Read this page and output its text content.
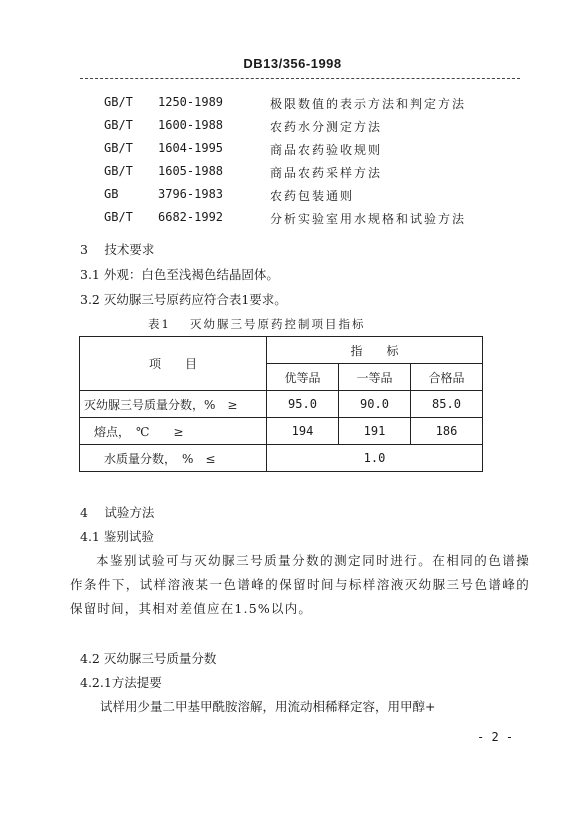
DB13/356-1998
GB/T 1250-1989	极限数值的表示方法和判定方法
GB/T 1600-1988	农药水分测定方法
GB/T 1604-1995	商品农药验收规则
GB/T 1605-1988	商品农药采样方法
GB	3796-1983	农药包装通则
GB/T 6682-1992	分析实验室用水规格和试验方法
3　 技术要求
3.1 外观：白色至浅褐色结晶固体。
3.2 灭幼脲三号原药应符合表1要求。
表1　 灭幼脲三号原药控制项目指标
项　　目	指　　标		
	优等品	一等品	合格品
灭幼脲三号质量分数，%　≥	95.0	90.0	85.0
熔点，　℃　　≥	194	191	186
水质量分数，　%　≤	1.0		
4　 试验方法
4.1 鉴别试验
本鉴别试验可与灭幼脲三号质量分数的测定同时进行。在相同的色谱操作条件下，试样溶液某一色谱峰的保留时间与标样溶液灭幼脲三号色谱峰的保留时间，其相对差值应在1.5%以内。
4.2 灭幼脲三号质量分数
4.2.1方法提要
试样用少量二甲基甲酰胺溶解，用流动相稀释定容，用甲醇+
- 2 -
